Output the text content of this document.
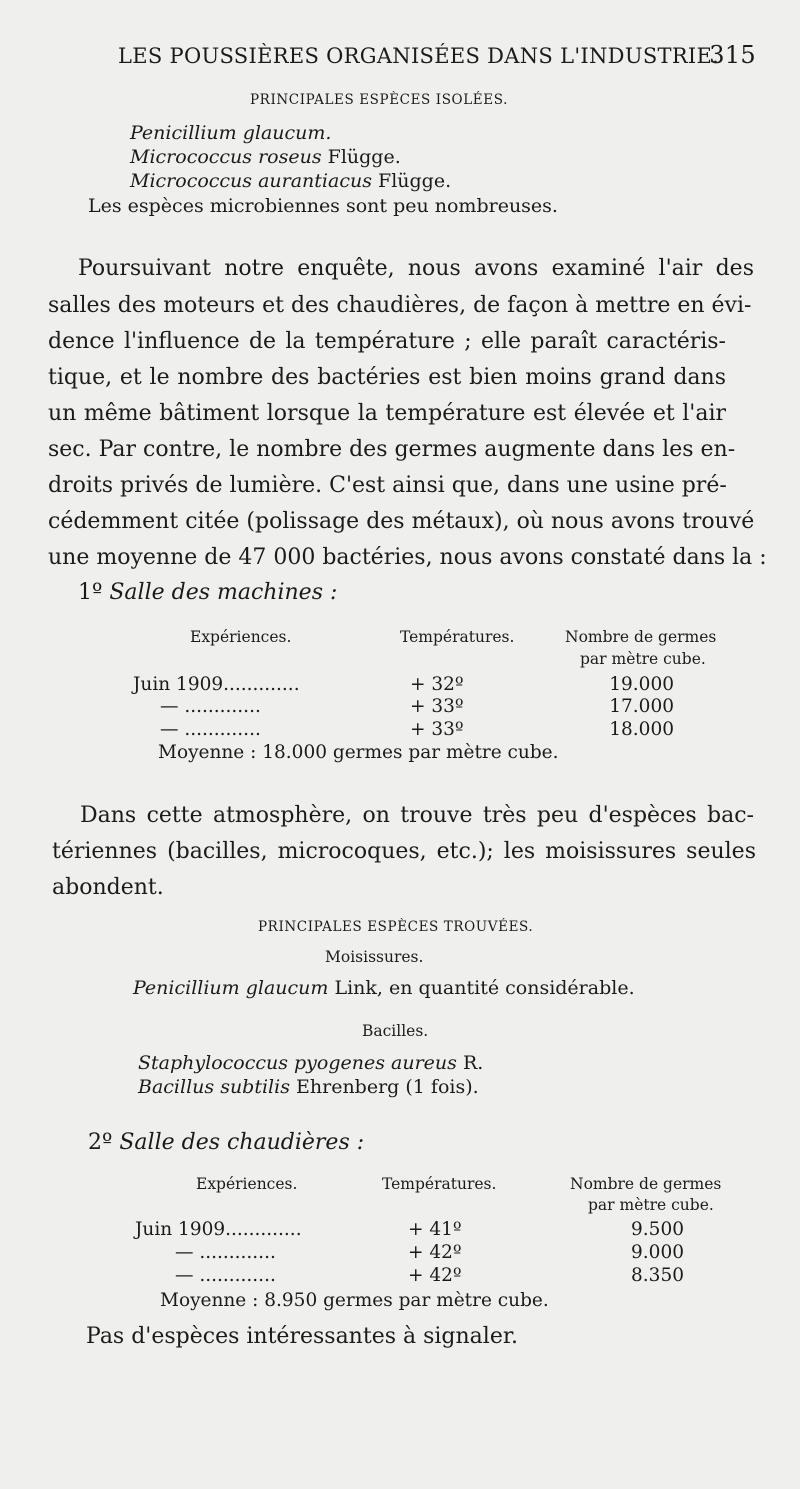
LES POUSSIÈRES ORGANISÉES DANS L'INDUSTRIE.
315
PRINCIPALES ESPÈCES ISOLÉES.
Penicillium glaucum.
Micrococcus roseus Flügge.
Micrococcus aurantiacus Flügge.
Les espèces microbiennes sont peu nombreuses.
Poursuivant notre enquête, nous avons examiné l'air des
salles des moteurs et des chaudières, de façon à mettre en évi-
dence l'influence de la température ; elle paraît caractéris-
tique, et le nombre des bactéries est bien moins grand dans
un même bâtiment lorsque la température est élevée et l'air
sec. Par contre, le nombre des germes augmente dans les en-
droits privés de lumière. C'est ainsi que, dans une usine pré-
cédemment citée (polissage des métaux), où nous avons trouvé
une moyenne de 47 000 bactéries, nous avons constaté dans la :
1º Salle des machines :
Expériences.	Températures.	Nombre de germes
par mètre cube.
Juin 1909.............	+ 32º	19.000
— .............	+ 33º	17.000
— .............	+ 33º	18.000
Moyenne : 18.000 germes par mètre cube.
Dans cette atmosphère, on trouve très peu d'espèces bac-
tériennes (bacilles, microcoques, etc.); les moisissures seules
abondent.
PRINCIPALES ESPÈCES TROUVÉES.
Moisissures.
Penicillium glaucum Link, en quantité considérable.
Bacilles.
Staphylococcus pyogenes aureus R.
Bacillus subtilis Ehrenberg (1 fois).
2º Salle des chaudières :
Expériences.	Températures.	Nombre de germes
par mètre cube.
Juin 1909.............	+ 41º	9.500
— .............	+ 42º	9.000
— .............	+ 42º	8.350
Moyenne : 8.950 germes par mètre cube.
Pas d'espèces intéressantes à signaler.
